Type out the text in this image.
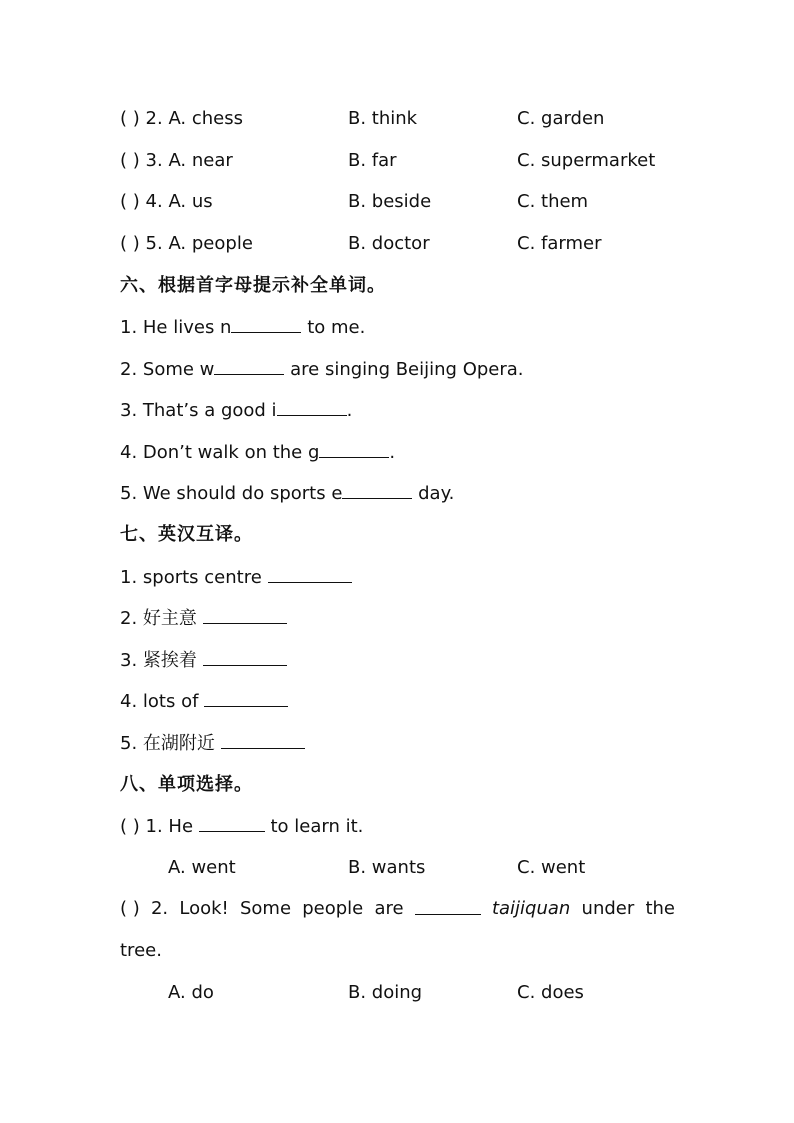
( ) 2. A. chess	B. think	C. garden
( ) 3. A. near	B. far	C. supermarket
( ) 4. A. us	B. beside	C. them
( ) 5. A. people	B. doctor	C. farmer
六、根据首字母提示补全单词。
1. He lives n	to me.
2. Some w	are singing Beijing Opera.
3. That’s a good i	.
4. Don’t walk on the g	.
5. We should do sports e	day.
七、英汉互译。
1. sports centre
2. 好主意
3. 紧挨着
4. lots of
5. 在湖附近
八、单项选择。
( ) 1. He	to learn it.
A. went	B. wants	C. went
( ) 2. Look! Some people are	taijiquan under the
tree.
A. do	B. doing	C. does
